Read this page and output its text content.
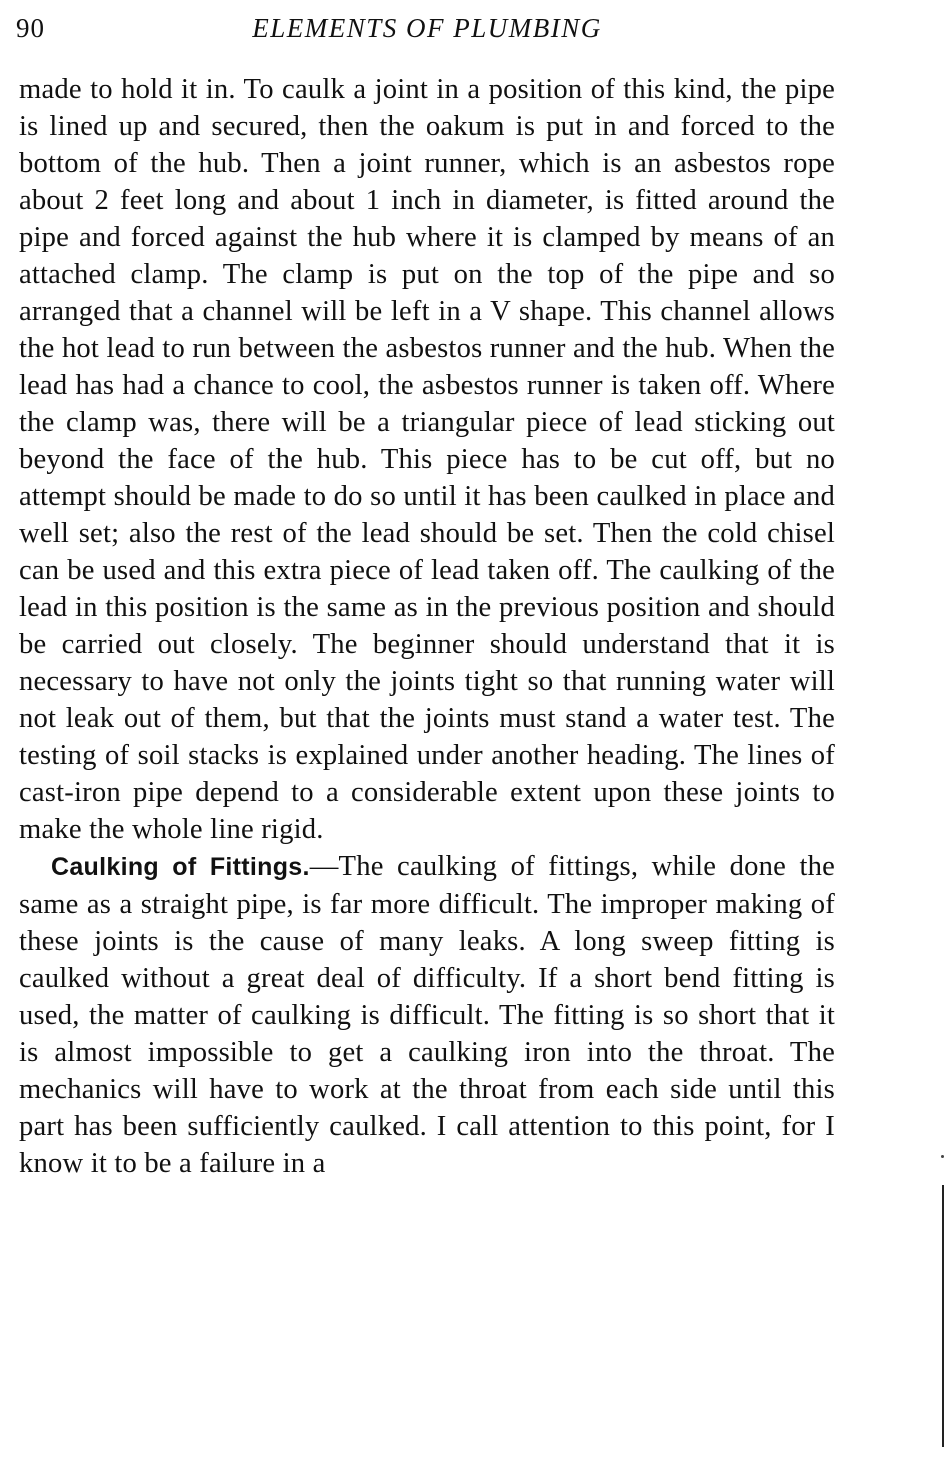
90	ELEMENTS OF PLUMBING

made to hold it in. To caulk a joint in a position of this kind, the pipe is lined up and secured, then the oakum is put in and forced to the bottom of the hub. Then a joint runner, which is an asbestos rope about 2 feet long and about 1 inch in diameter, is fitted around the pipe and forced against the hub where it is clamped by means of an attached clamp. The clamp is put on the top of the pipe and so arranged that a channel will be left in a V shape. This channel allows the hot lead to run between the asbestos runner and the hub. When the lead has had a chance to cool, the asbestos runner is taken off. Where the clamp was, there will be a triangular piece of lead sticking out beyond the face of the hub. This piece has to be cut off, but no attempt should be made to do so until it has been caulked in place and well set; also the rest of the lead should be set. Then the cold chisel can be used and this extra piece of lead taken off. The caulking of the lead in this position is the same as in the previous position and should be carried out closely. The beginner should understand that it is necessary to have not only the joints tight so that running water will not leak out of them, but that the joints must stand a water test. The testing of soil stacks is explained under another heading. The lines of cast-iron pipe depend to a considerable extent upon these joints to make the whole line rigid.

Caulking of Fittings.—The caulking of fittings, while done the same as a straight pipe, is far more difficult. The improper making of these joints is the cause of many leaks. A long sweep fitting is caulked without a great deal of difficulty. If a short bend fitting is used, the matter of caulking is difficult. The fitting is so short that it is almost impossible to get a caulking iron into the throat. The mechanics will have to work at the throat from each side until this part has been sufficiently caulked. I call attention to this point, for I know it to be a failure in a
